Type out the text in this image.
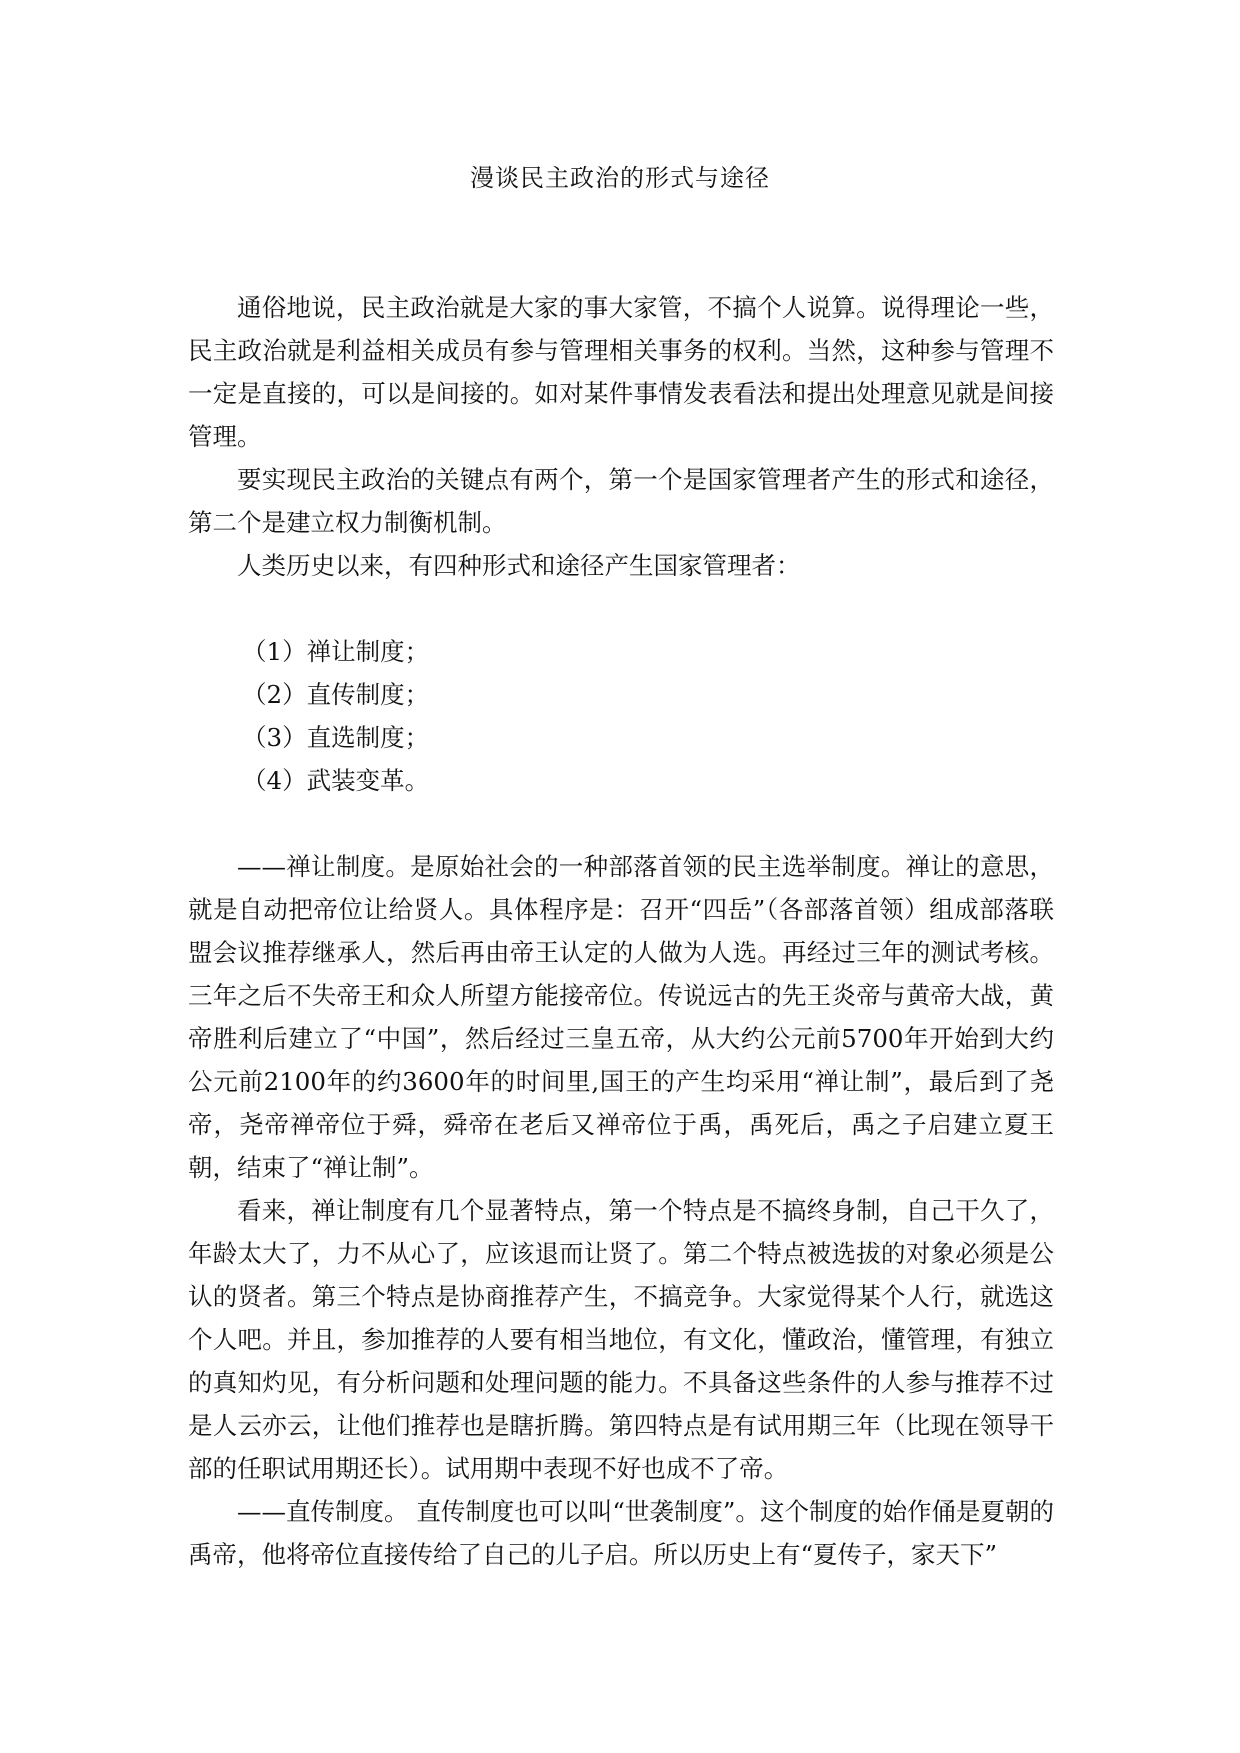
漫谈民主政治的形式与途径

通俗地说，民主政治就是大家的事大家管，不搞个人说算。说得理论一些，民主政治就是利益相关成员有参与管理相关事务的权利。当然，这种参与管理不一定是直接的，可以是间接的。如对某件事情发表看法和提出处理意见就是间接管理。

要实现民主政治的关键点有两个，第一个是国家管理者产生的形式和途径，第二个是建立权力制衡机制。

人类历史以来，有四种形式和途径产生国家管理者：

（1）禅让制度；

（2）直传制度；

（3）直选制度；

（4）武装变革。

——禅让制度。是原始社会的一种部落首领的民主选举制度。禅让的意思，就是自动把帝位让给贤人。具体程序是：召开“四岳”（各部落首领）组成部落联盟会议推荐继承人，然后再由帝王认定的人做为人选。再经过三年的测试考核。三年之后不失帝王和众人所望方能接帝位。传说远古的先王炎帝与黄帝大战，黄帝胜利后建立了“中国”，然后经过三皇五帝，从大约公元前5700年开始到大约公元前2100年的约3600年的时间里,国王的产生均采用“禅让制”，最后到了尧帝，尧帝禅帝位于舜，舜帝在老后又禅帝位于禹，禹死后，禹之子启建立夏王朝，结束了“禅让制”。

看来，禅让制度有几个显著特点，第一个特点是不搞终身制，自己干久了，年龄太大了，力不从心了，应该退而让贤了。第二个特点被选拔的对象必须是公认的贤者。第三个特点是协商推荐产生，不搞竞争。大家觉得某个人行，就选这个人吧。并且，参加推荐的人要有相当地位，有文化，懂政治，懂管理，有独立的真知灼见，有分析问题和处理问题的能力。不具备这些条件的人参与推荐不过是人云亦云，让他们推荐也是瞎折腾。第四特点是有试用期三年（比现在领导干部的任职试用期还长）。试用期中表现不好也成不了帝。

——直传制度。 直传制度也可以叫“世袭制度”。这个制度的始作俑是夏朝的禹帝，他将帝位直接传给了自己的儿子启。所以历史上有“夏传子，家天下”
